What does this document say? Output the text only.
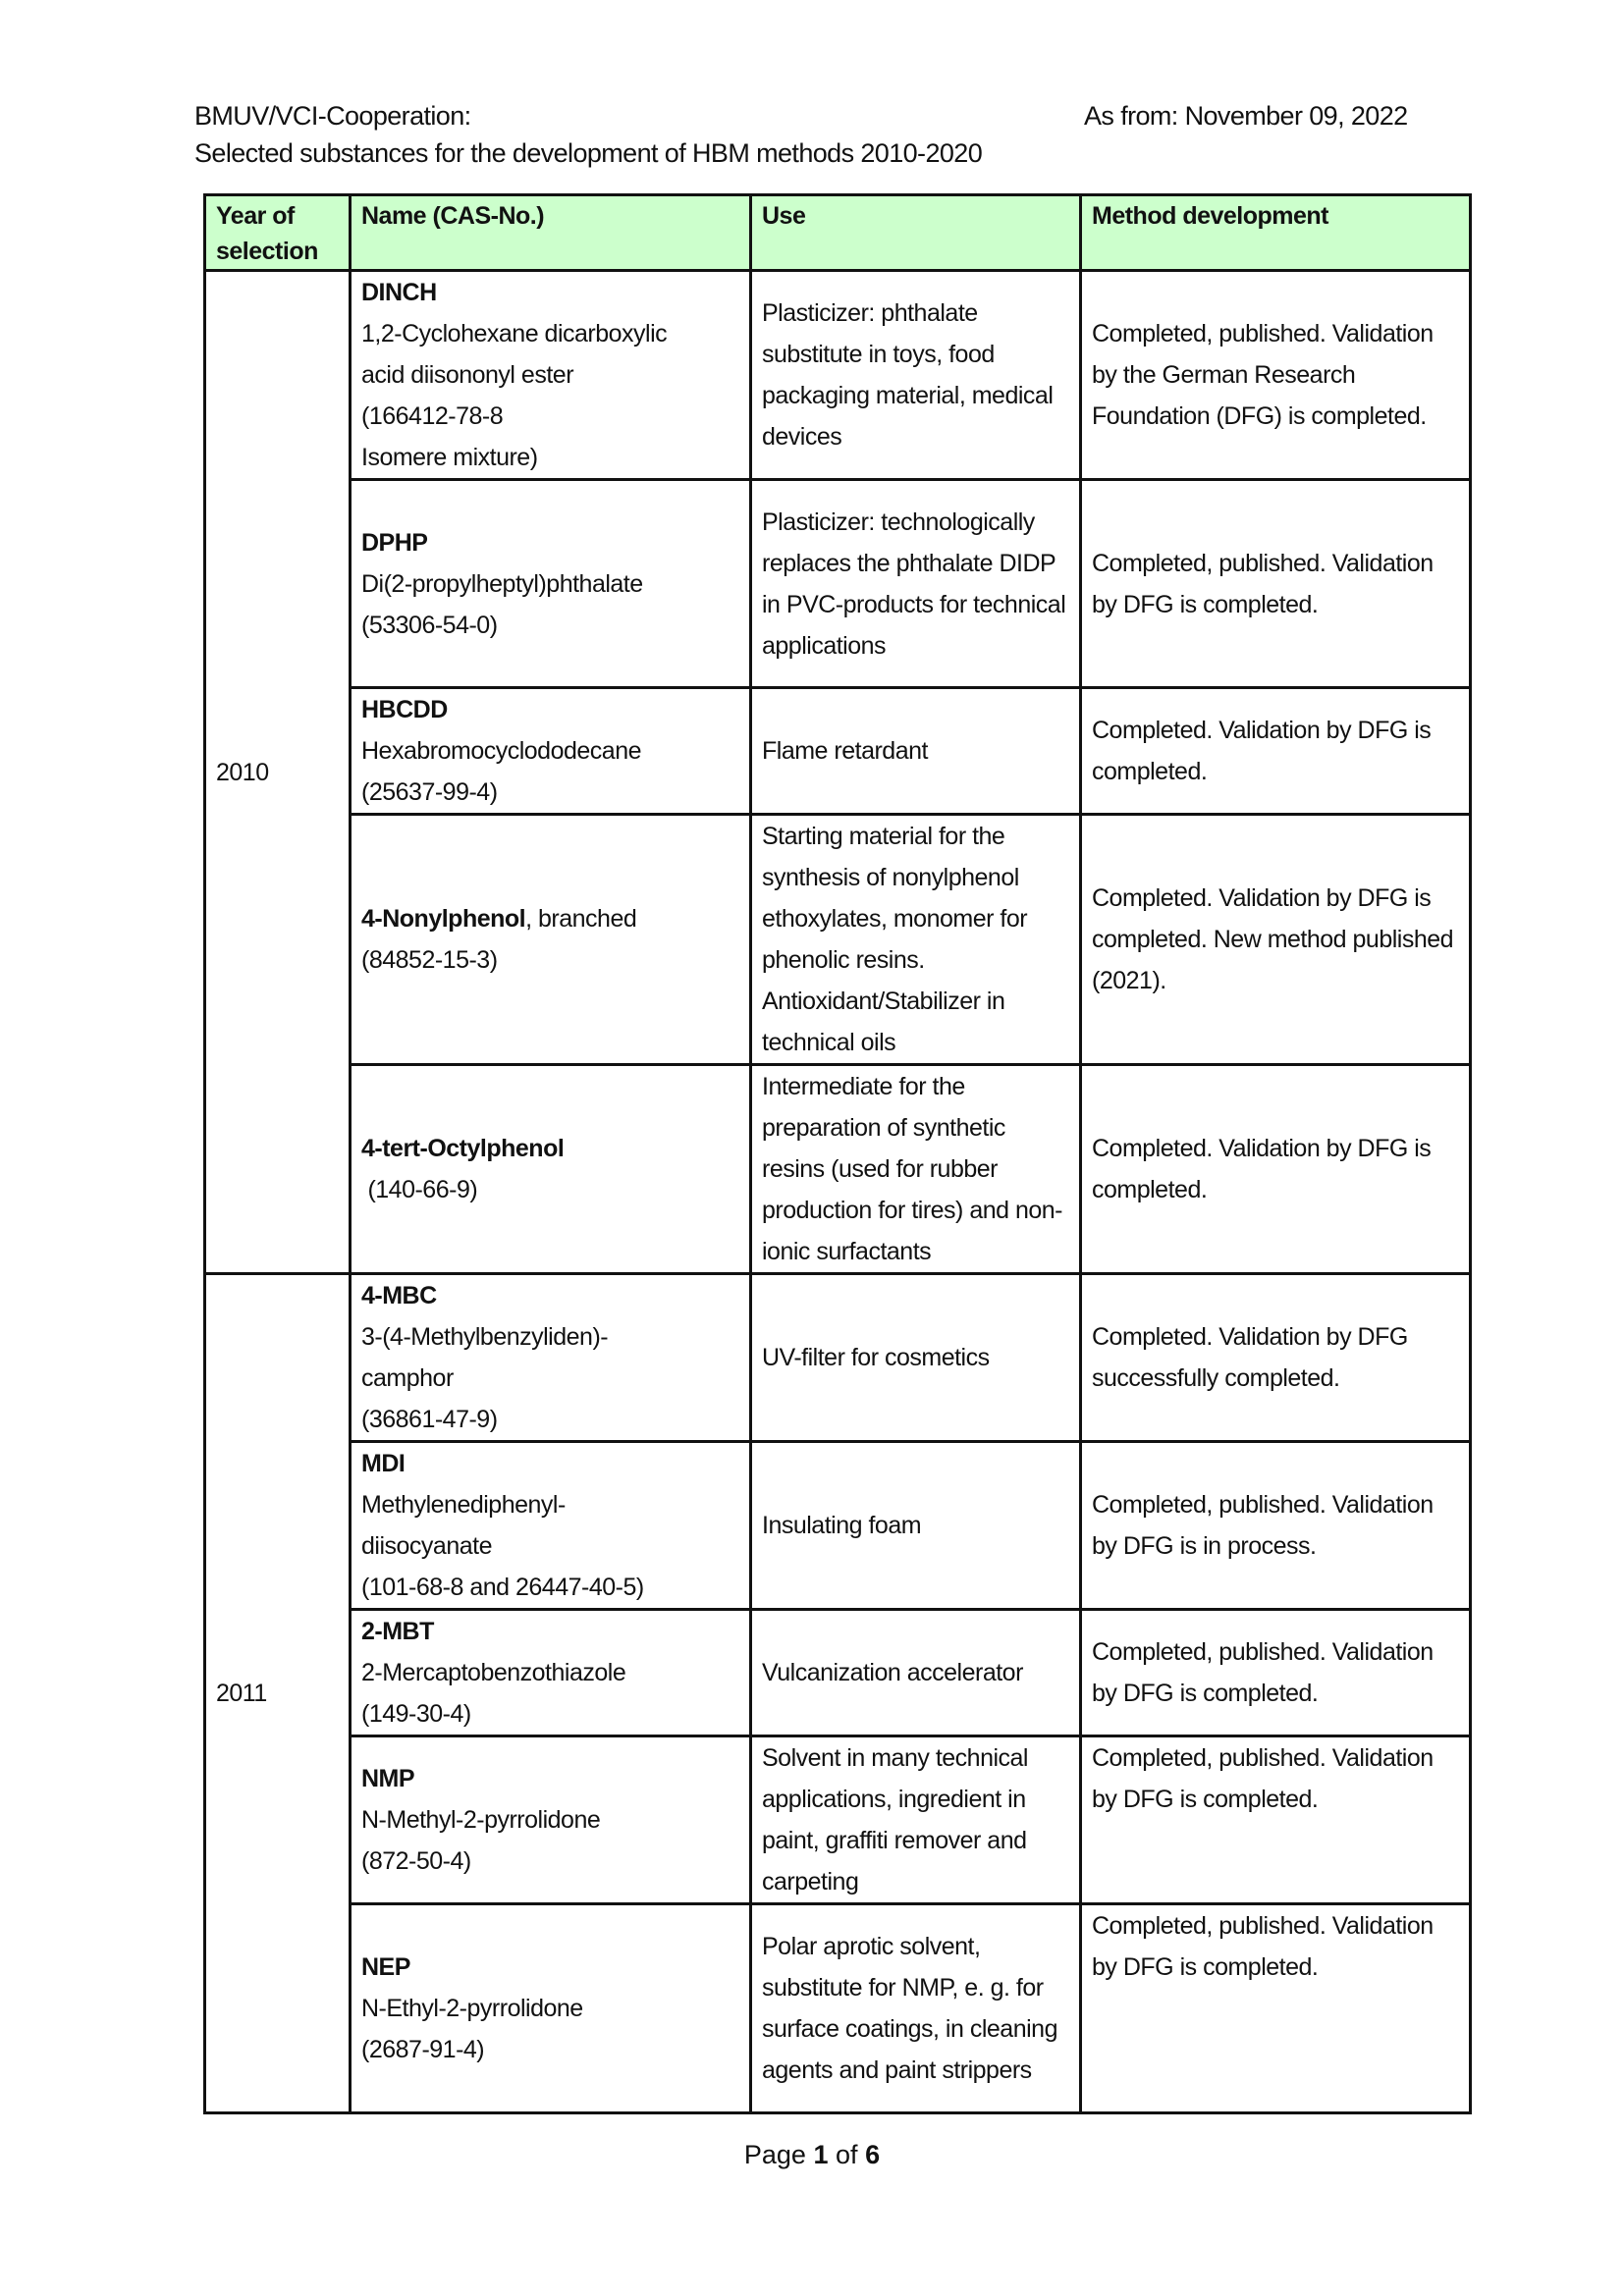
BMUV/VCI-Cooperation:	As from: November 09, 2022
Selected substances for the development of HBM methods 2010-2020
Year of
selection	Name (CAS-No.)	Use	Method development
2010	DINCH
1,2-Cyclohexane dicarboxylic
acid diisononyl ester
(166412-78-8
Isomere mixture)	Plasticizer: phthalate substitute in toys, food packaging material, medical devices	Completed, published. Validation by the German Research Foundation (DFG) is completed.

	DPHP
Di(2-propylheptyl)phthalate
(53306-54-0)	Plasticizer: technologically replaces the phthalate DIDP in PVC-products for technical applications	Completed, published. Validation by DFG is completed.

	HBCDD
Hexabromocyclododecane
(25637-99-4)	Flame retardant	Completed. Validation by DFG is completed.

	4-Nonylphenol, branched
(84852-15-3)	Starting material for the synthesis of nonylphenol ethoxylates, monomer for phenolic resins. Antioxidant/Stabilizer in technical oils	Completed. Validation by DFG is completed. New method published (2021).

	4-tert-Octylphenol
(140-66-9)	Intermediate for the preparation of synthetic resins (used for rubber production for tires) and non-ionic surfactants	Completed. Validation by DFG is completed.
2011	4-MBC
3-(4-Methylbenzyliden)-
camphor
(36861-47-9)	UV-filter for cosmetics	Completed. Validation by DFG successfully completed.

	MDI
Methylenediphenyl-
diisocyanate
(101-68-8 and 26447-40-5)	Insulating foam	Completed, published. Validation by DFG is in process.

	2-MBT
2-Mercaptobenzothiazole
(149-30-4)	Vulcanization accelerator	Completed, published. Validation by DFG is completed.

	NMP
N-Methyl-2-pyrrolidone
(872-50-4)	Solvent in many technical applications, ingredient in paint, graffiti remover and carpeting	Completed, published. Validation by DFG is completed.

	NEP
N-Ethyl-2-pyrrolidone
(2687-91-4)	Polar aprotic solvent, substitute for NMP, e. g. for surface coatings, in cleaning agents and paint strippers	Completed, published. Validation by DFG is completed.
Page 1 of 6
